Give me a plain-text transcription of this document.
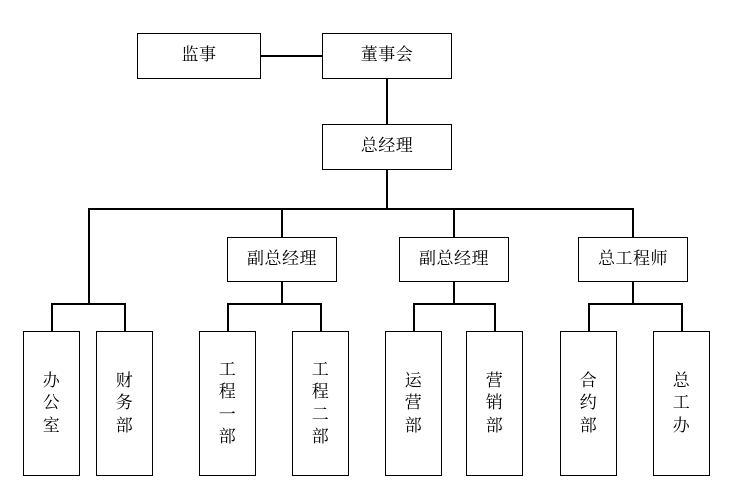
监事	董事会
总经理
副总经理	副总经理	总工程师
办公室
财务部
工程一部
工程二部
运营部
营销部
合约部
总工办
